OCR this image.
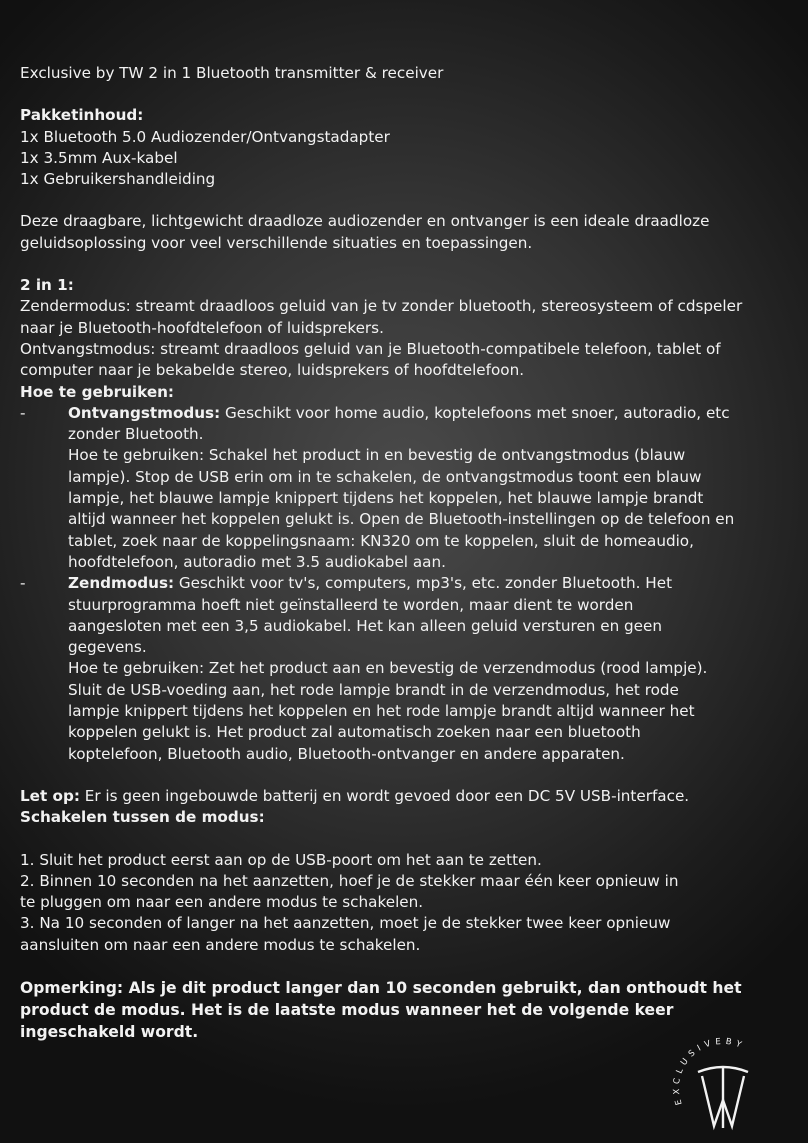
Exclusive by TW 2 in 1 Bluetooth transmitter & receiver

Pakketinhoud:

1x Bluetooth 5.0 Audiozender/Ontvangstadapter

1x 3.5mm Aux-kabel

1x Gebruikershandleiding

Deze draagbare, lichtgewicht draadloze audiozender en ontvanger is een ideale draadloze geluidsoplossing voor veel verschillende situaties en toepassingen.

2 in 1:

Zendermodus: streamt draadloos geluid van je tv zonder bluetooth, stereosysteem of cdspeler naar je Bluetooth-hoofdtelefoon of luidsprekers.

Ontvangstmodus: streamt draadloos geluid van je Bluetooth-compatibele telefoon, tablet of computer naar je bekabelde stereo, luidsprekers of hoofdtelefoon.

Hoe te gebruiken:

-	Ontvangstmodus: Geschikt voor home audio, koptelefoons met snoer, autoradio, etc zonder Bluetooth.

Hoe te gebruiken: Schakel het product in en bevestig de ontvangstmodus (blauw lampje). Stop de USB erin om in te schakelen, de ontvangstmodus toont een blauw lampje, het blauwe lampje knippert tijdens het koppelen, het blauwe lampje brandt altijd wanneer het koppelen gelukt is. Open de Bluetooth-instellingen op de telefoon en tablet, zoek naar de koppelingsnaam: KN320 om te koppelen, sluit de homeaudio, hoofdtelefoon, autoradio met 3.5 audiokabel aan.

-	Zendmodus: Geschikt voor tv's, computers, mp3's, etc. zonder Bluetooth. Het stuurprogramma hoeft niet geïnstalleerd te worden, maar dient te worden aangesloten met een 3,5 audiokabel. Het kan alleen geluid versturen en geen gegevens.

Hoe te gebruiken: Zet het product aan en bevestig de verzendmodus (rood lampje). Sluit de USB-voeding aan, het rode lampje brandt in de verzendmodus, het rode lampje knippert tijdens het koppelen en het rode lampje brandt altijd wanneer het koppelen gelukt is. Het product zal automatisch zoeken naar een bluetooth koptelefoon, Bluetooth audio, Bluetooth-ontvanger en andere apparaten.

Let op: Er is geen ingebouwde batterij en wordt gevoed door een DC 5V USB-interface.

Schakelen tussen de modus:

1. Sluit het product eerst aan op de USB-poort om het aan te zetten.

2. Binnen 10 seconden na het aanzetten, hoef je de stekker maar één keer opnieuw in te pluggen om naar een andere modus te schakelen.

3. Na 10 seconden of langer na het aanzetten, moet je de stekker twee keer opnieuw aansluiten om naar een andere modus te schakelen.

Opmerking: Als je dit product langer dan 10 seconden gebruikt, dan onthoudt het product de modus. Het is de laatste modus wanneer het de volgende keer ingeschakeld wordt.

EXCLUSIVEBY
